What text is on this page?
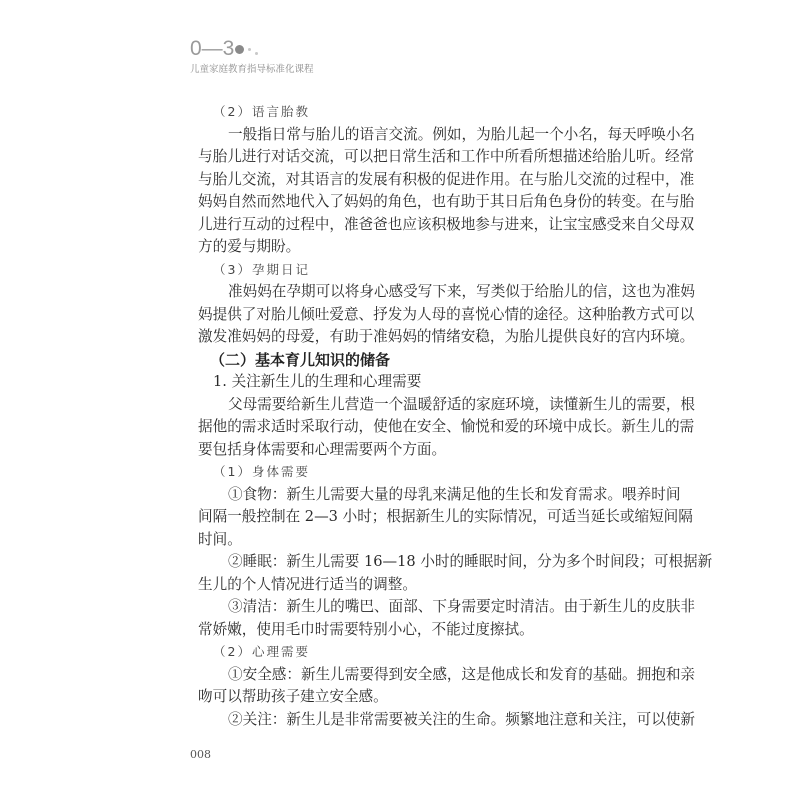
0—3
儿童家庭教育指导标准化课程
（2）语言胎教
一般指日常与胎儿的语言交流。例如，为胎儿起一个小名，每天呼唤小名
与胎儿进行对话交流，可以把日常生活和工作中所看所想描述给胎儿听。经常
与胎儿交流，对其语言的发展有积极的促进作用。在与胎儿交流的过程中，准
妈妈自然而然地代入了妈妈的角色，也有助于其日后角色身份的转变。在与胎
儿进行互动的过程中，准爸爸也应该积极地参与进来，让宝宝感受来自父母双
方的爱与期盼。
（3）孕期日记
准妈妈在孕期可以将身心感受写下来，写类似于给胎儿的信，这也为准妈
妈提供了对胎儿倾吐爱意、抒发为人母的喜悦心情的途径。这种胎教方式可以
激发准妈妈的母爱，有助于准妈妈的情绪安稳，为胎儿提供良好的宫内环境。
（二）基本育儿知识的储备
1. 关注新生儿的生理和心理需要
父母需要给新生儿营造一个温暖舒适的家庭环境，读懂新生儿的需要，根
据他的需求适时采取行动，使他在安全、愉悦和爱的环境中成长。新生儿的需
要包括身体需要和心理需要两个方面。
（1）身体需要
①食物：新生儿需要大量的母乳来满足他的生长和发育需求。喂养时间
间隔一般控制在 2—3 小时；根据新生儿的实际情况，可适当延长或缩短间隔
时间。
②睡眠：新生儿需要 16—18 小时的睡眠时间，分为多个时间段；可根据新
生儿的个人情况进行适当的调整。
③清洁：新生儿的嘴巴、面部、下身需要定时清洁。由于新生儿的皮肤非
常娇嫩，使用毛巾时需要特别小心，不能过度擦拭。
（2）心理需要
①安全感：新生儿需要得到安全感，这是他成长和发育的基础。拥抱和亲
吻可以帮助孩子建立安全感。
②关注：新生儿是非常需要被关注的生命。频繁地注意和关注，可以使新
008
